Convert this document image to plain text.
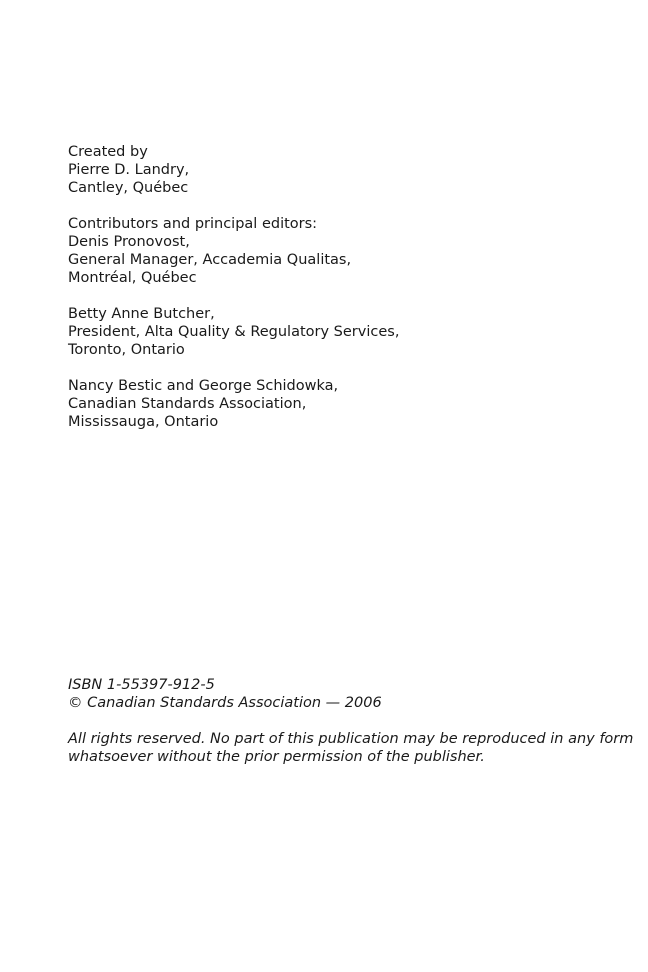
Created by
Pierre D. Landry,
Cantley, Québec
Contributors and principal editors:
Denis Pronovost,
General Manager, Accademia Qualitas,
Montréal, Québec
Betty Anne Butcher,
President, Alta Quality & Regulatory Services,
Toronto, Ontario
Nancy Bestic and George Schidowka,
Canadian Standards Association,
Mississauga, Ontario
ISBN 1-55397-912-5
© Canadian Standards Association — 2006
All rights reserved. No part of this publication may be reproduced in any form
whatsoever without the prior permission of the publisher.
